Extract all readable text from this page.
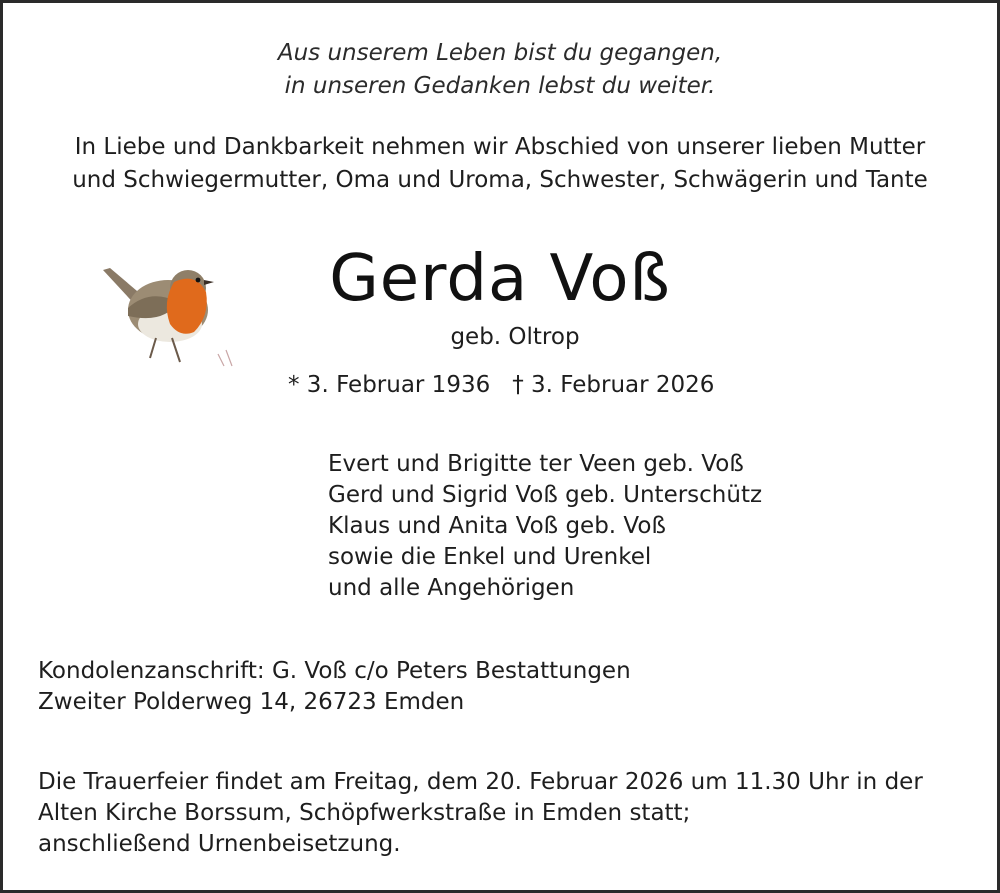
Aus unserem Leben bist du gegangen,
in unseren Gedanken lebst du weiter.
In Liebe und Dankbarkeit nehmen wir Abschied von unserer lieben Mutter
und Schwiegermutter, Oma und Uroma, Schwester, Schwägerin und Tante
Gerda Voß
geb. Oltrop
* 3. Februar 1936 † 3. Februar 2026
Evert und Brigitte ter Veen geb. Voß
Gerd und Sigrid Voß geb. Unterschütz
Klaus und Anita Voß geb. Voß
sowie die Enkel und Urenkel
und alle Angehörigen
Kondolenzanschrift: G. Voß c/o Peters Bestattungen
Zweiter Polderweg 14, 26723 Emden
Die Trauerfeier findet am Freitag, dem 20. Februar 2026 um 11.30 Uhr in der
Alten Kirche Borssum, Schöpfwerkstraße in Emden statt;
anschließend Urnenbeisetzung.
